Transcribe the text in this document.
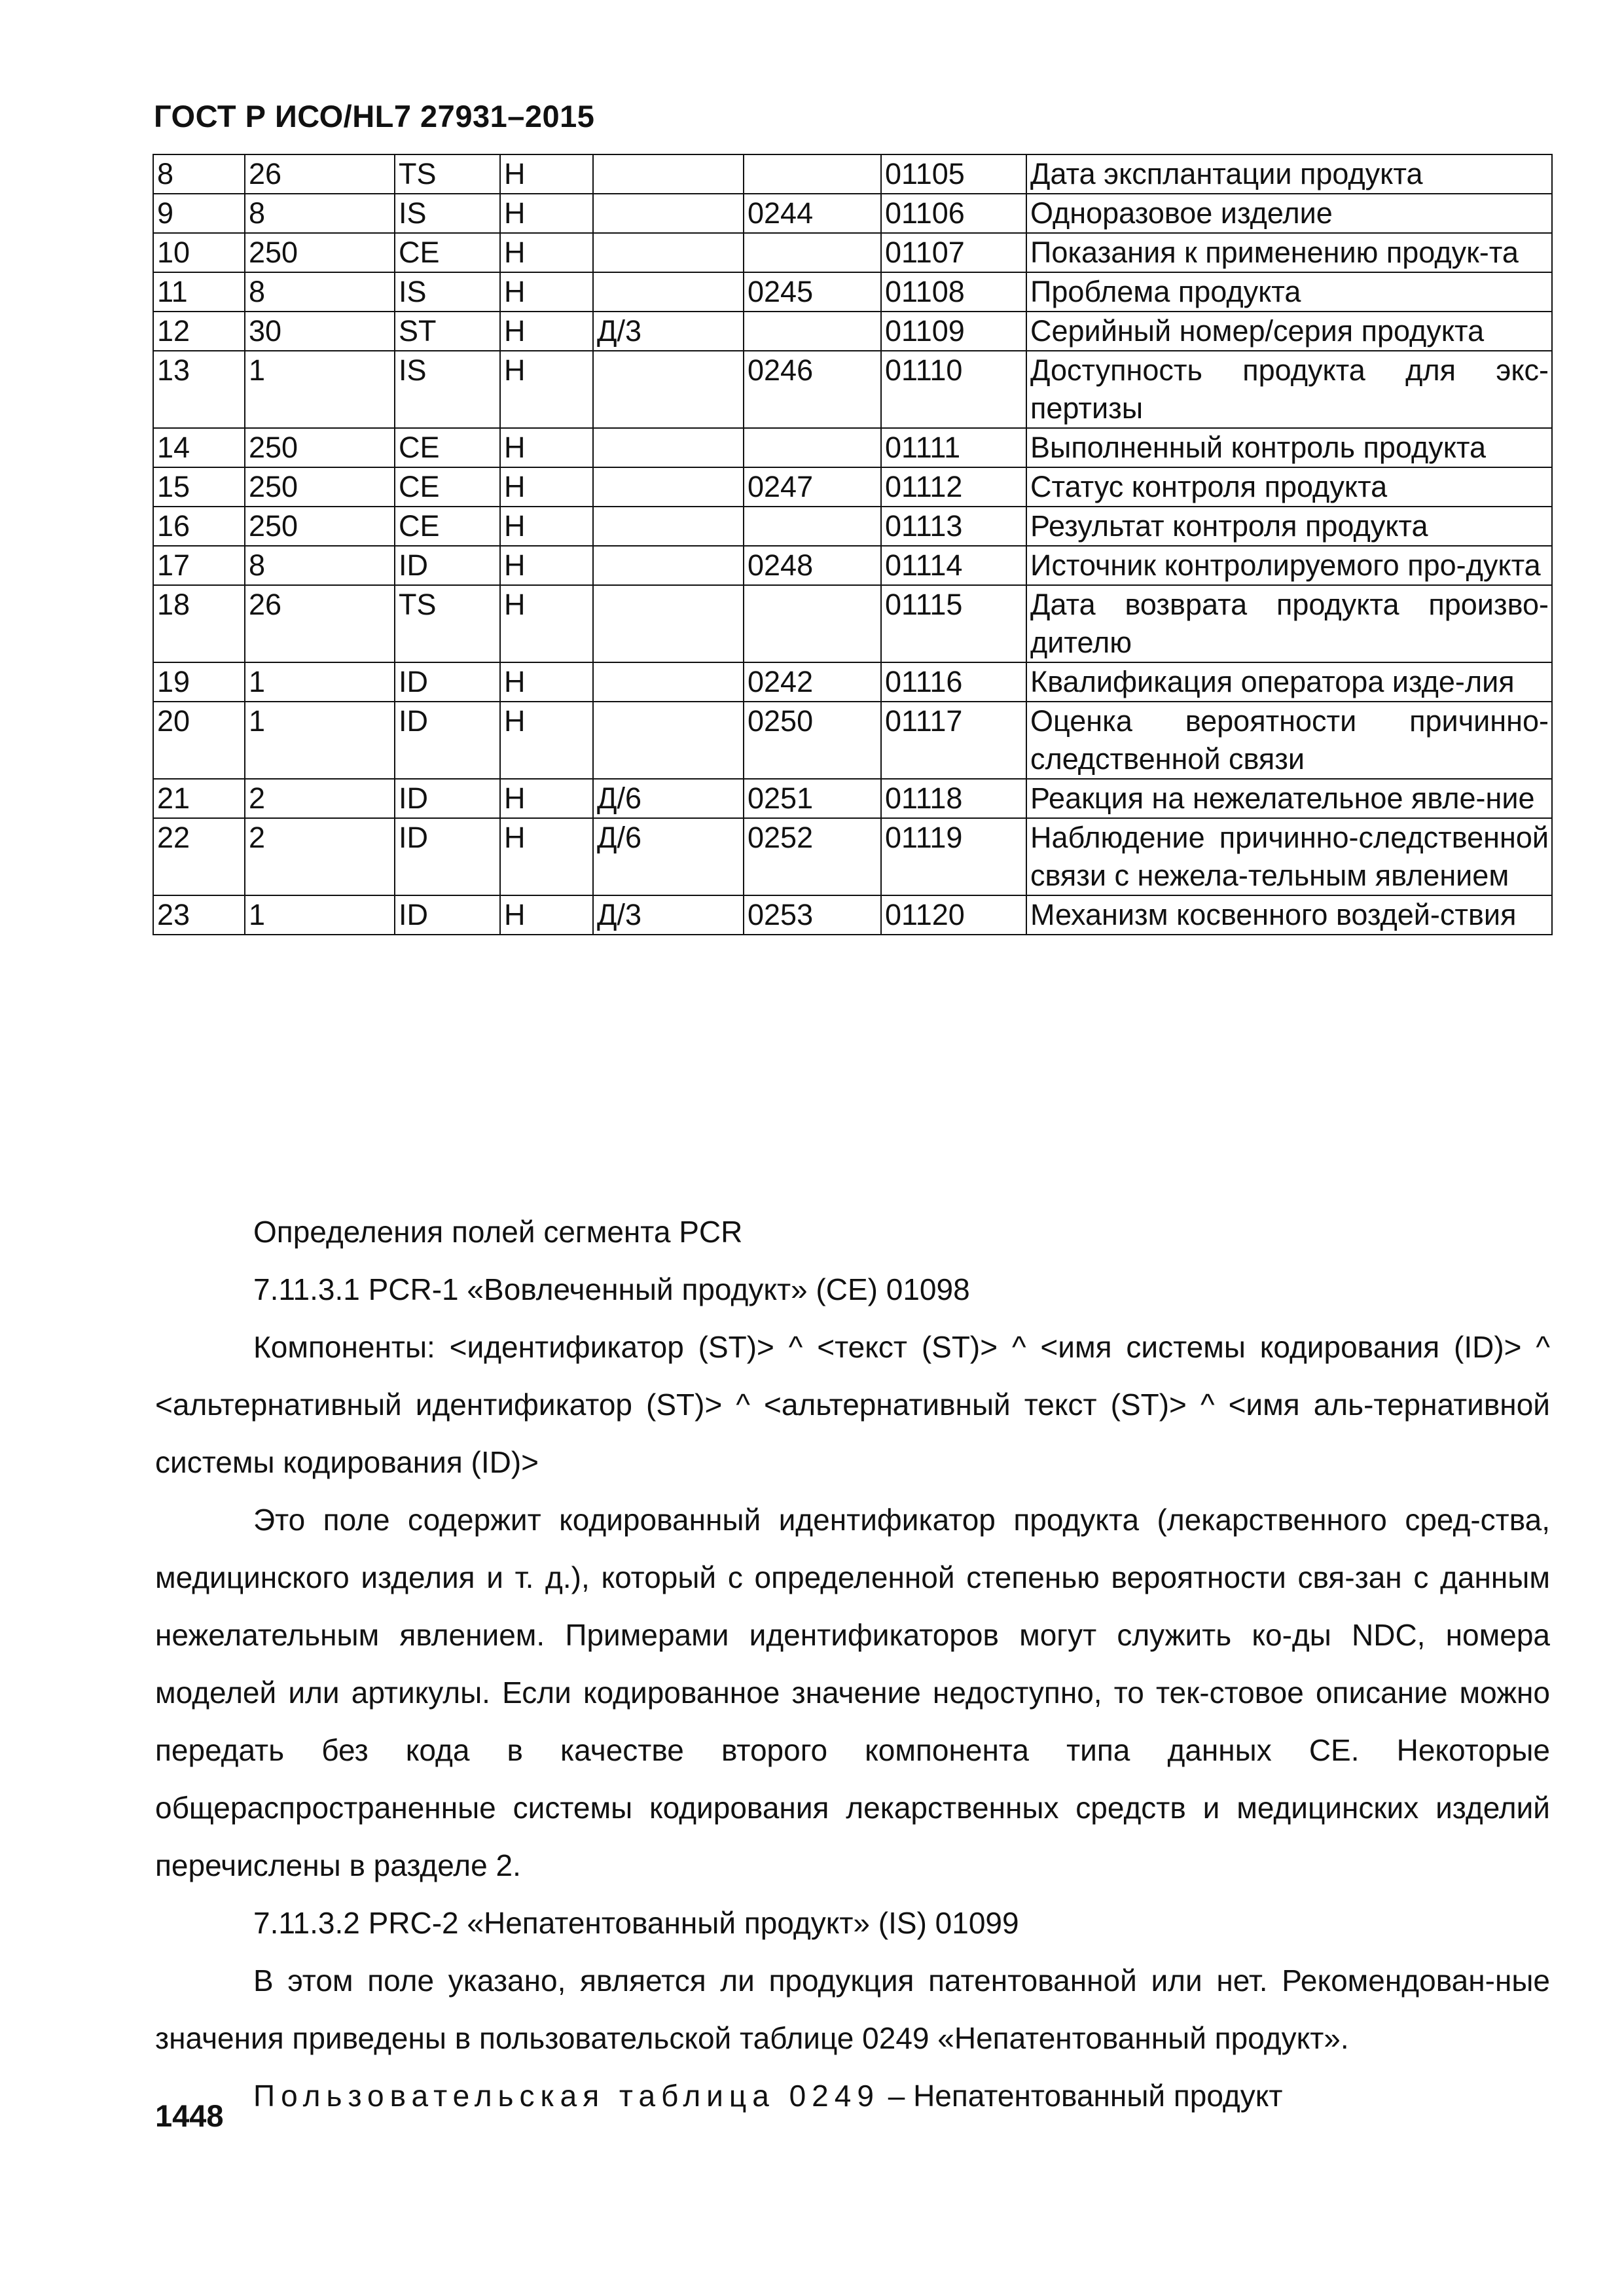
ГОСТ Р ИСО/HL7 27931–2015
8	26	TS	Н			01105	Дата эксплантации продукта
9	8	IS	Н		0244	01106	Одноразовое изделие
10	250	CE	Н			01107	Показания к применению продук-та
11	8	IS	Н		0245	01108	Проблема продукта
12	30	ST	Н	Д/3		01109	Серийный номер/серия продукта
13	1	IS	Н		0246	01110	Доступность продукта для экс-пертизы
14	250	CE	Н			01111	Выполненный контроль продукта
15	250	CE	Н		0247	01112	Статус контроля продукта
16	250	CE	Н			01113	Результат контроля продукта
17	8	ID	Н		0248	01114	Источник контролируемого про-дукта
18	26	TS	Н			01115	Дата возврата продукта произво-дителю
19	1	ID	Н		0242	01116	Квалификация оператора изде-лия
20	1	ID	Н		0250	01117	Оценка вероятности причинно-следственной связи
21	2	ID	Н	Д/6	0251	01118	Реакция на нежелательное явле-ние
22	2	ID	Н	Д/6	0252	01119	Наблюдение причинно-следственной связи с нежела-тельным явлением
23	1	ID	Н	Д/3	0253	01120	Механизм косвенного воздей-ствия

Определения полей сегмента PCR

7.11.3.1 PCR-1 «Вовлеченный продукт» (CE) 01098

Компоненты: <идентификатор (ST)> ^ <текст (ST)> ^ <имя системы кодирования (ID)> ^ <альтернативный идентификатор (ST)> ^ <альтернативный текст (ST)> ^ <имя аль-тернативной системы кодирования (ID)>

Это поле содержит кодированный идентификатор продукта (лекарственного сред-ства, медицинского изделия и т. д.), который с определенной степенью вероятности свя-зан с данным нежелательным явлением. Примерами идентификаторов могут служить ко-ды NDC, номера моделей или артикулы. Если кодированное значение недоступно, то тек-стовое описание можно передать без кода в качестве второго компонента типа данных CE. Некоторые общераспространенные системы кодирования лекарственных средств и медицинских изделий перечислены в разделе 2.

7.11.3.2 PRC-2 «Непатентованный продукт» (IS) 01099

В этом поле указано, является ли продукция патентованной или нет. Рекомендован-ные значения приведены в пользовательской таблице 0249 «Непатентованный продукт».

Пользовательская таблица 0249 – Непатентованный продукт

1448
